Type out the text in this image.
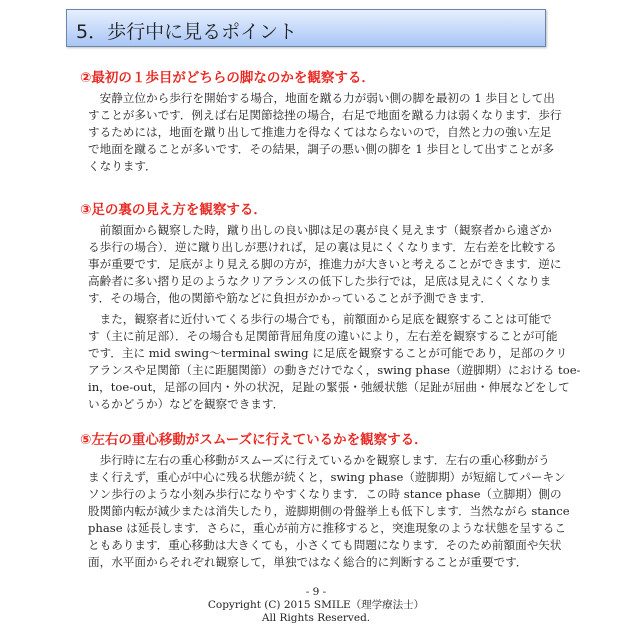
5．歩行中に見るポイント
②最初の１歩目がどちらの脚なのかを観察する．
　安静立位から歩行を開始する場合，地面を蹴る力が弱い側の脚を最初の 1 歩目として出
すことが多いです．例えば右足関節捻挫の場合，右足で地面を蹴る力は弱くなります．歩行
するためには，地面を蹴り出して推進力を得なくてはならないので，自然と力の強い左足
で地面を蹴ることが多いです．その結果，調子の悪い側の脚を 1 歩目として出すことが多
くなります．
③足の裏の見え方を観察する．
　前額面から観察した時，蹴り出しの良い脚は足の裏が良く見えます（観察者から遠ざか
る歩行の場合）．逆に蹴り出しが悪ければ，足の裏は見にくくなります．左右差を比較する
事が重要です．足底がより見える脚の方が，推進力が大きいと考えることができます．逆に
高齢者に多い摺り足のようなクリアランスの低下した歩行では，足底は見えにくくなりま
す．その場合，他の関節や筋などに負担がかかっていることが予測できます．
　また，観察者に近付いてくる歩行の場合でも，前額面から足底を観察することは可能で
す（主に前足部）．その場合も足関節背屈角度の違いにより，左右差を観察することが可能
です．主に mid swing～terminal swing に足底を観察することが可能であり，足部のクリ
アランスや足関節（主に距腿関節）の動きだけでなく，swing phase（遊脚期）における toe-
in，toe-out，足部の回内・外の状況，足趾の緊張・弛緩状態（足趾が屈曲・伸展などをして
いるかどうか）などを観察できます．
⑤左右の重心移動がスムーズに行えているかを観察する．
　歩行時に左右の重心移動がスムーズに行えているかを観察します．左右の重心移動がう
まく行えず，重心が中心に残る状態が続くと，swing phase（遊脚期）が短縮してパーキン
ソン歩行のような小刻み歩行になりやすくなります．この時 stance phase（立脚期）側の
股関節内転が減少または消失したり，遊脚期側の骨盤挙上も低下します．当然ながら stance
phase は延長します．さらに，重心が前方に推移すると，突進現象のような状態を呈するこ
ともあります．重心移動は大きくても，小さくても問題になります．そのため前額面や矢状
面，水平面からそれぞれ観察して，単独ではなく総合的に判断することが重要です．
- 9 -
Copyright (C) 2015 SMILE（理学療法士）
All Rights Reserved.
